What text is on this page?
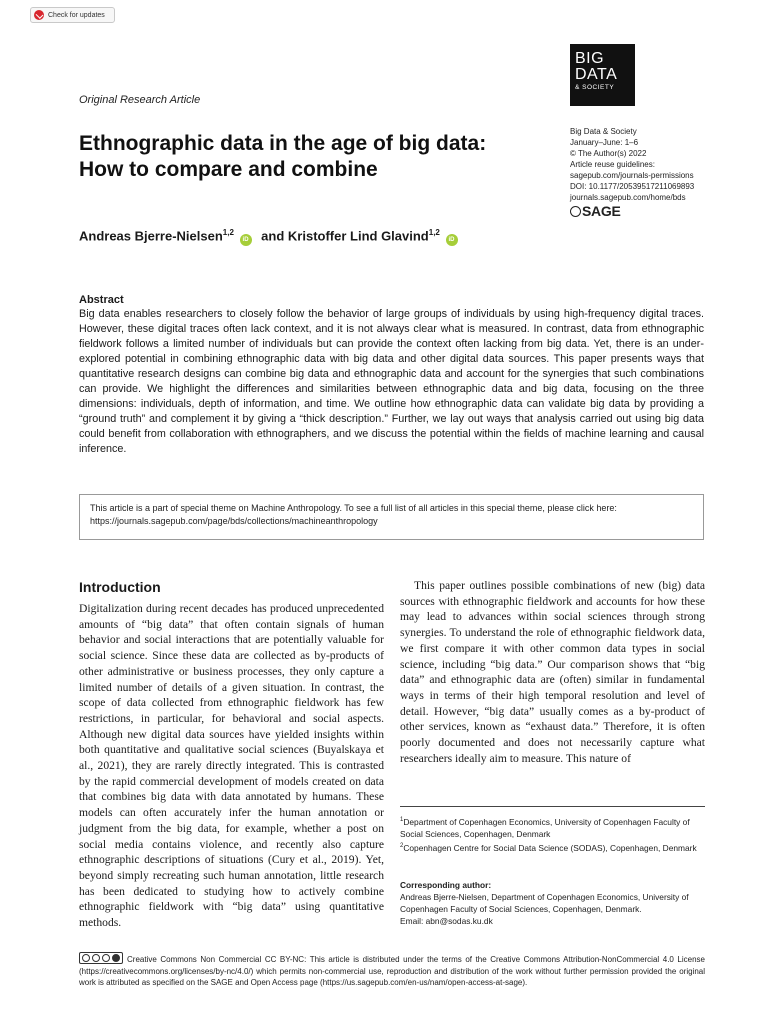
Check for updates
BIG
DATA
& SOCIETY
Original Research Article
Ethnographic data in the age of big data:
How to compare and combine
Big Data & Society
January–June: 1–6
© The Author(s) 2022
Article reuse guidelines:
sagepub.com/journals-permissions
DOI: 10.1177/20539517211069893
journals.sagepub.com/home/bds
SAGE
Andreas Bjerre-Nielsen$^{1,2}$ iD and Kristoffer Lind Glavind$^{1,2}$ iD
Abstract
Big data enables researchers to closely follow the behavior of large groups of individuals by using high-frequency digital traces. However, these digital traces often lack context, and it is not always clear what is measured. In contrast, data from ethnographic fieldwork follows a limited number of individuals but can provide the context often lacking from big data. Yet, there is an under-explored potential in combining ethnographic data with big data and other digital data sources. This paper presents ways that quantitative research designs can combine big data and ethnographic data and account for the synergies that such combinations can provide. We highlight the differences and similarities between ethnographic data and big data, focusing on the three dimensions: individuals, depth of information, and time. We outline how ethnographic data can validate big data by providing a “ground truth” and complement it by giving a “thick description.” Further, we lay out ways that analysis carried out using big data could benefit from collaboration with ethnographers, and we discuss the potential within the fields of machine learning and causal inference.
This article is a part of special theme on Machine Anthropology. To see a full list of all articles in this special theme, please click here: https://journals.sagepub.com/page/bds/collections/machineanthropology
Introduction
Digitalization during recent decades has produced unprecedented amounts of “big data” that often contain signals of human behavior and social interactions that are potentially valuable for social science. Since these data are collected as by-products of other administrative or business processes, they only capture a limited number of details of a given situation. In contrast, the scope of data collected from ethnographic fieldwork has few restrictions, in particular, for behavioral and social aspects. Although new digital data sources have yielded insights within both quantitative and qualitative social sciences (Buyalskaya et al., 2021), they are rarely directly integrated. This is contrasted by the rapid commercial development of models created on data that combines big data with data annotated by humans. These models can often accurately infer the human annotation or judgment from the big data, for example, whether a post on social media contains violence, and recently also capture ethnographic descriptions of situations (Cury et al., 2019). Yet, beyond simply recreating such human annotation, little research has been dedicated to studying how to actively combine ethnographic fieldwork with “big data” using quantitative methods.
This paper outlines possible combinations of new (big) data sources with ethnographic fieldwork and accounts for how these may lead to advances within social sciences through strong synergies. To understand the role of ethnographic fieldwork data, we first compare it with other common data types in social science, including “big data.” Our comparison shows that “big data” and ethnographic data are (often) similar in fundamental ways in terms of their high temporal resolution and level of detail. However, “big data” usually comes as a by-product of other services, known as “exhaust data.” Therefore, it is often poorly documented and does not necessarily capture what researchers ideally aim to measure. This nature of
$^1$Department of Copenhagen Economics, University of Copenhagen Faculty of Social Sciences, Copenhagen, Denmark
$^2$Copenhagen Centre for Social Data Science (SODAS), Copenhagen, Denmark
Corresponding author:
Andreas Bjerre-Nielsen, Department of Copenhagen Economics, University of Copenhagen Faculty of Social Sciences, Copenhagen, Denmark.
Email: abn@sodas.ku.dk
Creative Commons Non Commercial CC BY-NC: This article is distributed under the terms of the Creative Commons Attribution-NonCommercial 4.0 License (https://creativecommons.org/licenses/by-nc/4.0/) which permits non-commercial use, reproduction and distribution of the work without further permission provided the original work is attributed as specified on the SAGE and Open Access page (https://us.sagepub.com/en-us/nam/open-access-at-sage).
